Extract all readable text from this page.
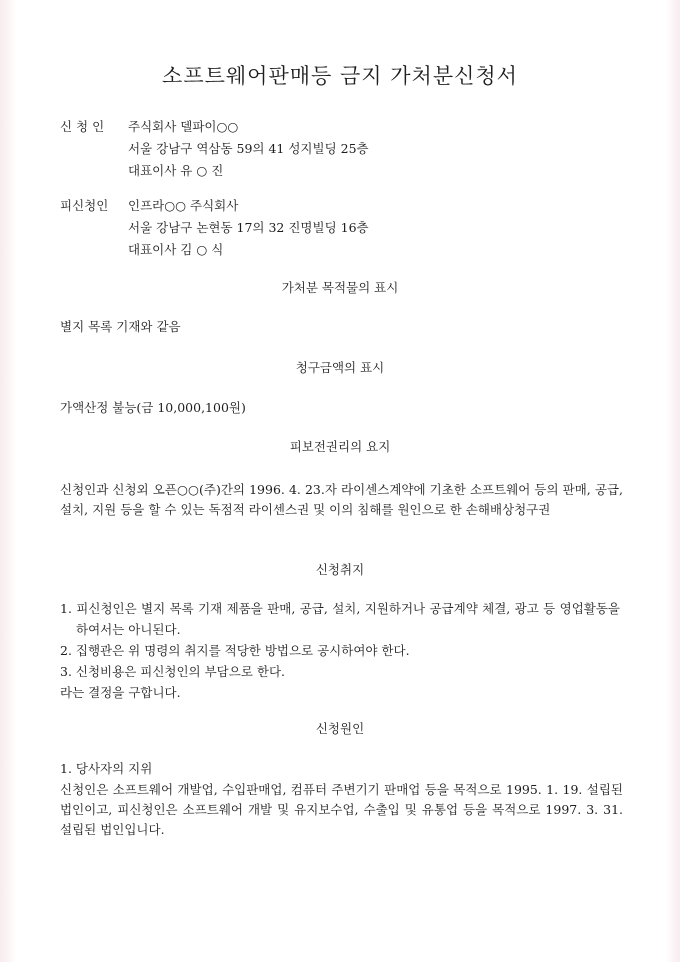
소프트웨어판매등 금지 가처분신청서
신 청 인	주식회사 델파이○○
서울 강남구 역삼동 59의 41 성지빌딩 25층
대표이사 유 ○ 진
피신청인	인프라○○ 주식회사
서울 강남구 논현동 17의 32 진명빌딩 16층
대표이사 김 ○ 식
가처분 목적물의 표시

별지 목록 기재와 같음

청구금액의 표시

가액산정 불능(금 10,000,100원)

피보전권리의 요지

신청인과 신청외 오픈○○(주)간의 1996. 4. 23.자 라이센스계약에 기초한 소프트웨어 등의 판매, 공급, 설치, 지원 등을 할 수 있는 독점적 라이센스권 및 이의 침해를 원인으로 한 손해배상청구권

신청취지
1. 피신청인은 별지 목록 기재 제품을 판매, 공급, 설치, 지원하거나 공급계약 체결, 광고 등 영업활동을 하여서는 아니된다.
2. 집행관은 위 명령의 취지를 적당한 방법으로 공시하여야 한다.
3. 신청비용은 피신청인의 부담으로 한다.
라는 결정을 구합니다.
신청원인

1. 당사자의 지위

신청인은 소프트웨어 개발업, 수입판매업, 컴퓨터 주변기기 판매업 등을 목적으로 1995. 1. 19. 설립된 법인이고, 피신청인은 소프트웨어 개발 및 유지보수업, 수출입 및 유통업 등을 목적으로 1997. 3. 31. 설립된 법인입니다.
